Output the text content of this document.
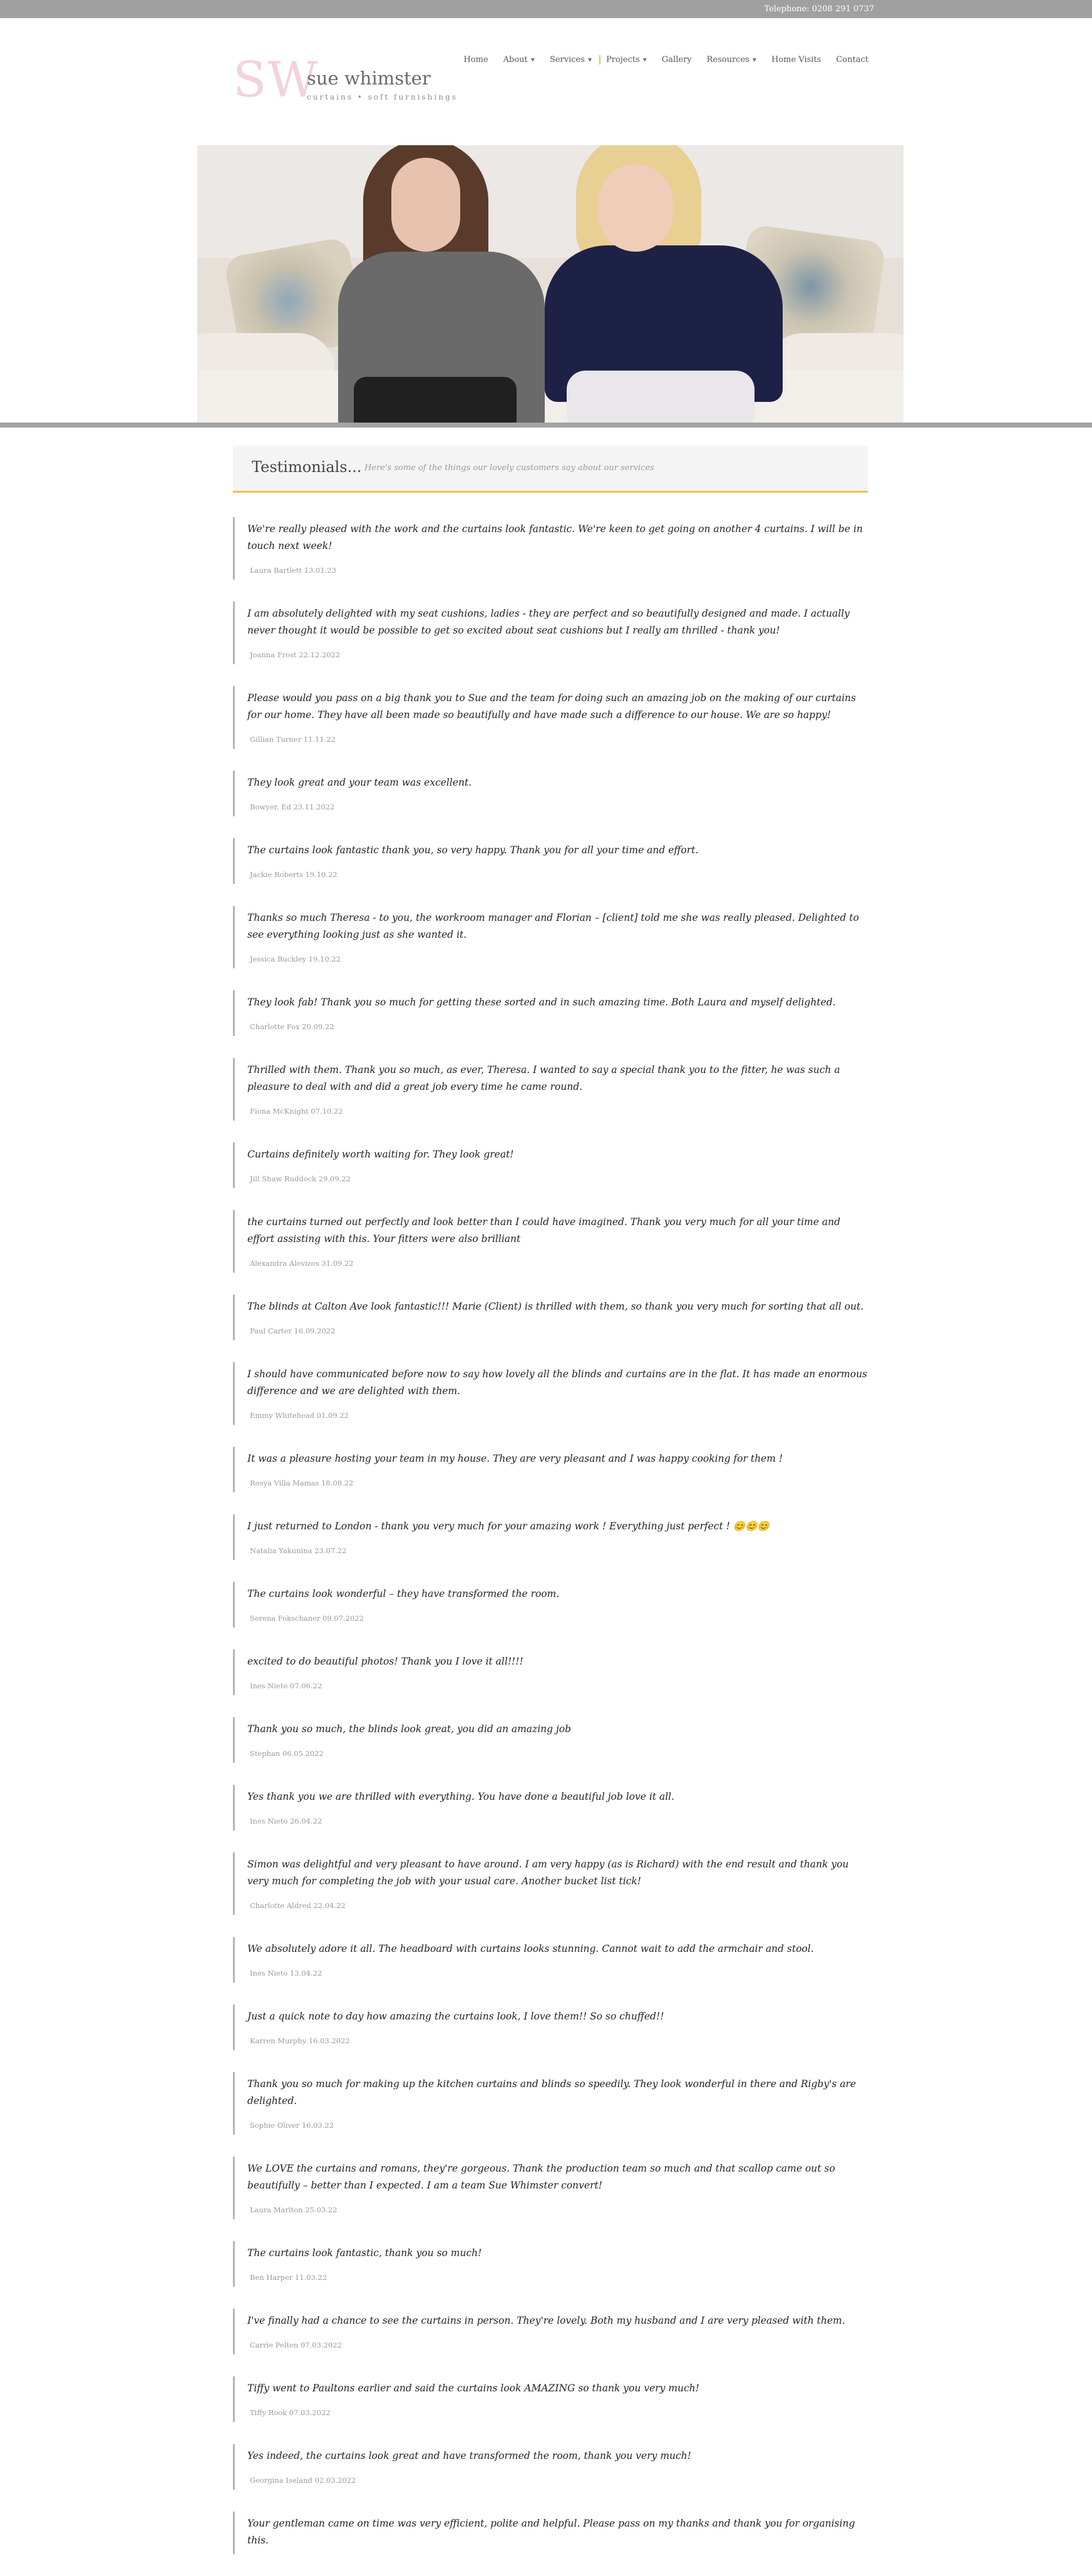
Telephone: 0208 291 0737
SW
sue whimster
curtains • soft furnishings
Home About ▼ Services ▼ Projects ▼ Gallery Resources ▼ Home Visits Contact
Testimonials... Here's some of the things our lovely customers say about our services

We're really pleased with the work and the curtains look fantastic. We're keen to get going on another 4 curtains. I will be in touch next week!

Laura Bartlett 13.01.23

I am absolutely delighted with my seat cushions, ladies - they are perfect and so beautifully designed and made. I actually never thought it would be possible to get so excited about seat cushions but I really am thrilled - thank you!

Joanna Frost 22.12.2022

Please would you pass on a big thank you to Sue and the team for doing such an amazing job on the making of our curtains for our home. They have all been made so beautifully and have made such a difference to our house. We are so happy!

Gillian Turner 11.11.22

They look great and your team was excellent.

Bowyer, Ed 23.11.2022

The curtains look fantastic thank you, so very happy. Thank you for all your time and effort.

Jackie Roberts 19.10.22

Thanks so much Theresa - to you, the workroom manager and Florian – [client] told me she was really pleased. Delighted to see everything looking just as she wanted it.

Jessica Buckley 19.10.22

They look fab! Thank you so much for getting these sorted and in such amazing time. Both Laura and myself delighted.

Charlotte Fox 20.09.22

Thrilled with them. Thank you so much, as ever, Theresa. I wanted to say a special thank you to the fitter, he was such a pleasure to deal with and did a great job every time he came round.

Fiona McKnight 07.10.22

Curtains definitely worth waiting for. They look great!

Jill Shaw Ruddock 29.09.22

the curtains turned out perfectly and look better than I could have imagined. Thank you very much for all your time and effort assisting with this. Your fitters were also brilliant

Alexandra Alevizos 31.09.22

The blinds at Calton Ave look fantastic!!! Marie (Client) is thrilled with them, so thank you very much for sorting that all out.

Paul Carter 16.09.2022

I should have communicated before now to say how lovely all the blinds and curtains are in the flat. It has made an enormous difference and we are delighted with them.

Emmy Whitehead 01.09.22

It was a pleasure hosting your team in my house. They are very pleasant and I was happy cooking for them !

Rosya Villa Mamas 18.08.22

I just returned to London - thank you very much for your amazing work ! Everything just perfect ! 😊😊😊

Natalia Yakunina 23.07.22

The curtains look wonderful – they have transformed the room.

Serena Fokschaner 09.07.2022

excited to do beautiful photos! Thank you I love it all!!!!

Ines Nieto 07.06.22

Thank you so much, the blinds look great, you did an amazing job

Stephan 06.05.2022

Yes thank you we are thrilled with everything. You have done a beautiful job love it all.

Ines Nieto 26.04.22

Simon was delightful and very pleasant to have around. I am very happy (as is Richard) with the end result and thank you very much for completing the job with your usual care. Another bucket list tick!

Charlotte Aldred 22.04.22

We absolutely adore it all. The headboard with curtains looks stunning. Cannot wait to add the armchair and stool.

Ines Nieto 13.04.22

Just a quick note to day how amazing the curtains look, I love them!! So so chuffed!!

Karren Murphy 16.03.2022

Thank you so much for making up the kitchen curtains and blinds so speedily. They look wonderful in there and Rigby's are delighted.

Sophie Oliver 16.03.22

We LOVE the curtains and romans, they're gorgeous. Thank the production team so much and that scallop came out so beautifully – better than I expected. I am a team Sue Whimster convert!

Laura Marlton 25.03.22

The curtains look fantastic, thank you so much!

Ben Harper 11.03.22

I've finally had a chance to see the curtains in person. They're lovely. Both my husband and I are very pleased with them.

Carrie Pelten 07.03.2022

Tiffy went to Paultons earlier and said the curtains look AMAZING so thank you very much!

Tiffy Rook 07.03.2022

Yes indeed, the curtains look great and have transformed the room, thank you very much!

Georgina Iseland 02.03.2022

Your gentleman came on time was very efficient, polite and helpful. Please pass on my thanks and thank you for organising this.
